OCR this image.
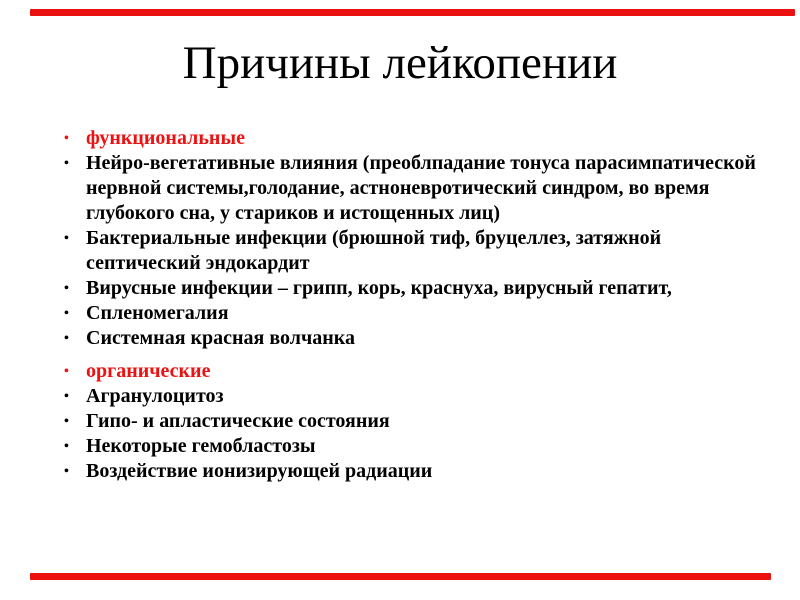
Причины лейкопении
• функциональные
• Нейро-вегетативные влияния (преоблпадание тонуса парасимпатической нервной системы,голодание, астноневротический синдром, во время глубокого сна, у стариков и истощенных лиц)
• Бактериальные инфекции (брюшной тиф, бруцеллез, затяжной септический эндокардит
• Вирусные инфекции – грипп, корь, краснуха, вирусный гепатит,
• Спленомегалия
• Системная красная волчанка
• органические
• Агранулоцитоз
• Гипо- и апластические состояния
• Некоторые гемобластозы
• Воздействие ионизирующей радиации
